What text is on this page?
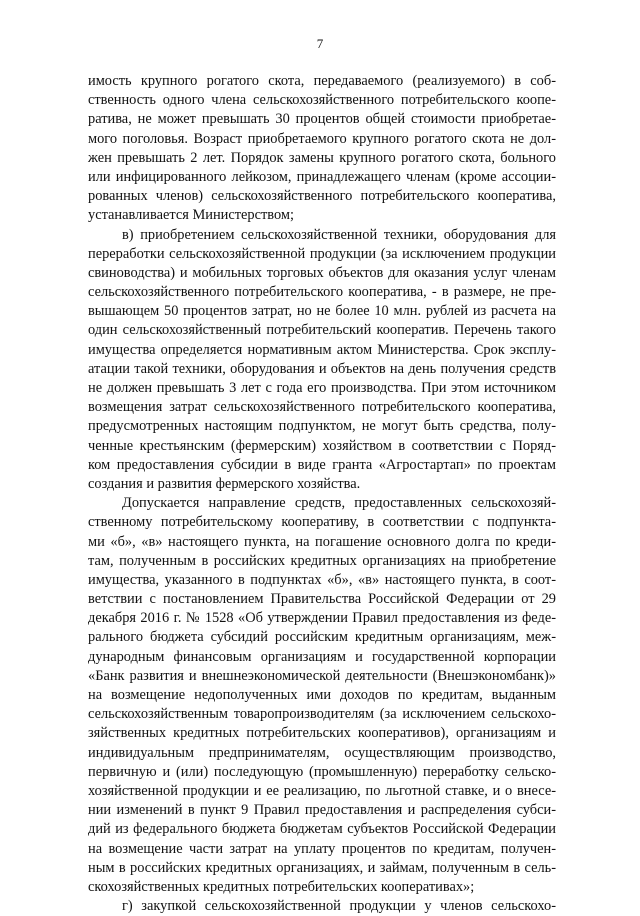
7
имость крупного рогатого скота, передаваемого (реализуемого) в соб-
ственность одного члена сельскохозяйственного потребительского коопе-
ратива, не может превышать 30 процентов общей стоимости приобретае-
мого поголовья. Возраст приобретаемого крупного рогатого скота не дол-
жен превышать 2 лет. Порядок замены крупного рогатого скота, больного
или инфицированного лейкозом, принадлежащего членам (кроме ассоции-
рованных членов) сельскохозяйственного потребительского кооператива,
устанавливается Министерством;
в) приобретением сельскохозяйственной техники, оборудования для
переработки сельскохозяйственной продукции (за исключением продукции
свиноводства) и мобильных торговых объектов для оказания услуг членам
сельскохозяйственного потребительского кооператива, - в размере, не пре-
вышающем 50 процентов затрат, но не более 10 млн. рублей из расчета на
один сельскохозяйственный потребительский кооператив. Перечень такого
имущества определяется нормативным актом Министерства. Срок эксплу-
атации такой техники, оборудования и объектов на день получения средств
не должен превышать 3 лет с года его производства. При этом источником
возмещения затрат сельскохозяйственного потребительского кооператива,
предусмотренных настоящим подпунктом, не могут быть средства, полу-
ченные крестьянским (фермерским) хозяйством в соответствии с Поряд-
ком предоставления субсидии в виде гранта «Агростартап» по проектам
создания и развития фермерского хозяйства.
Допускается направление средств, предоставленных сельскохозяй-
ственному потребительскому кооперативу, в соответствии с подпункта-
ми «б», «в» настоящего пункта, на погашение основного долга по креди-
там, полученным в российских кредитных организациях на приобретение
имущества, указанного в подпунктах «б», «в» настоящего пункта, в соот-
ветствии с постановлением Правительства Российской Федерации от 29
декабря 2016 г. № 1528 «Об утверждении Правил предоставления из феде-
рального бюджета субсидий российским кредитным организациям, меж-
дународным финансовым организациям и государственной корпорации
«Банк развития и внешнеэкономической деятельности (Внешэкономбанк)»
на возмещение недополученных ими доходов по кредитам, выданным
сельскохозяйственным товаропроизводителям (за исключением сельскохо-
зяйственных кредитных потребительских кооперативов), организациям и
индивидуальным предпринимателям, осуществляющим производство,
первичную и (или) последующую (промышленную) переработку сельско-
хозяйственной продукции и ее реализацию, по льготной ставке, и о внесе-
нии изменений в пункт 9 Правил предоставления и распределения субси-
дий из федерального бюджета бюджетам субъектов Российской Федерации
на возмещение части затрат на уплату процентов по кредитам, получен-
ным в российских кредитных организациях, и займам, полученным в сель-
скохозяйственных кредитных потребительских кооперативах»;
г) закупкой сельскохозяйственной продукции у членов сельскохо-
